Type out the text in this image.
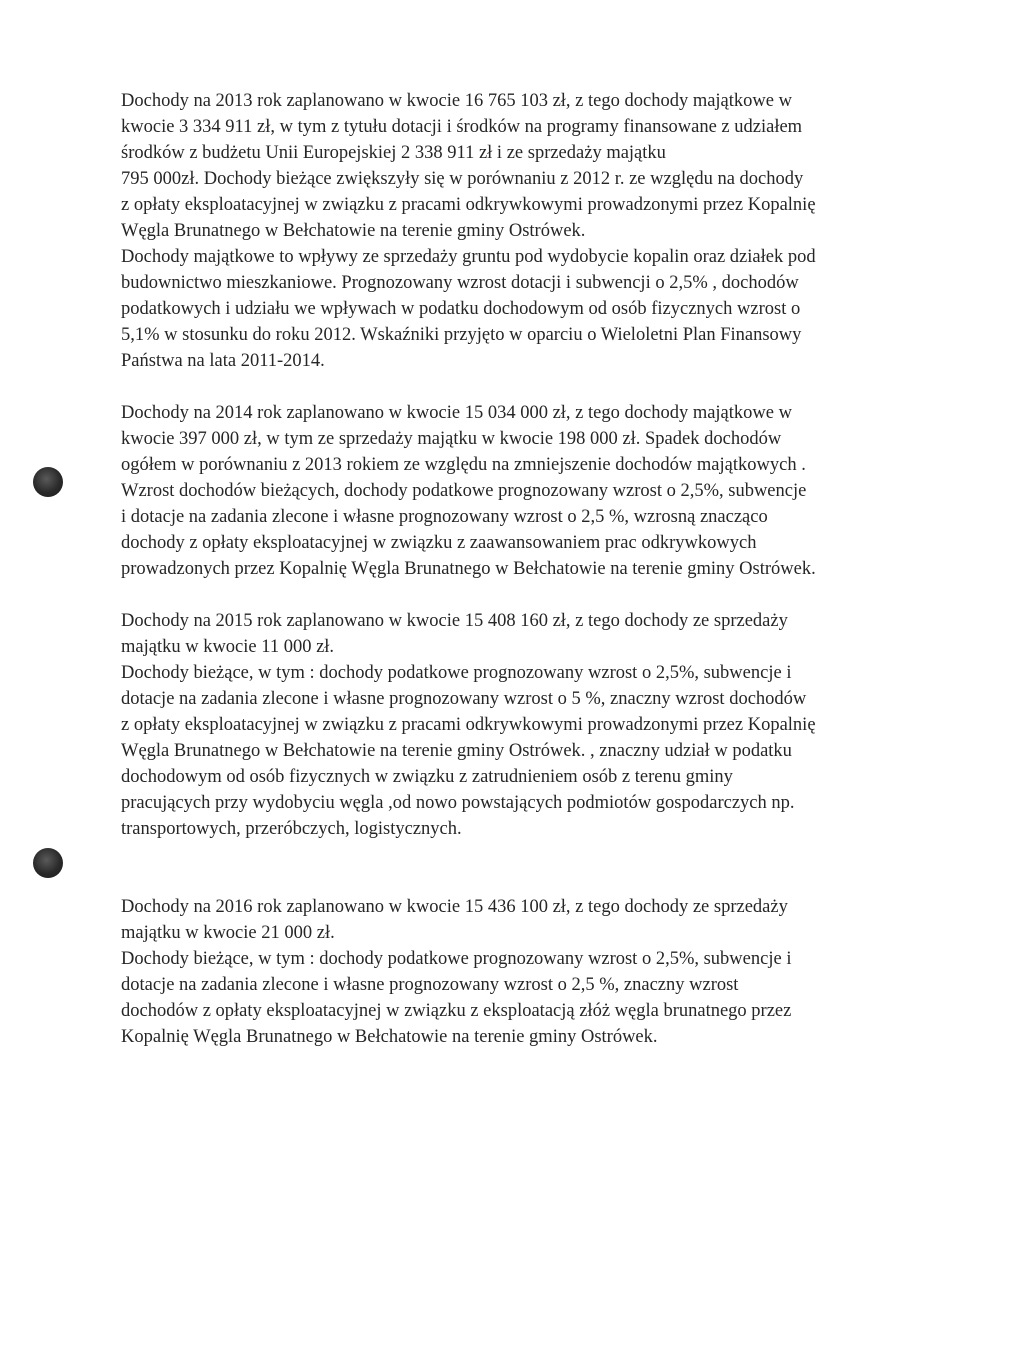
Dochody na 2013 rok zaplanowano w kwocie 16 765 103 zł, z tego dochody majątkowe w
kwocie 3 334 911 zł, w tym z tytułu dotacji i środków na programy finansowane z udziałem
środków z budżetu Unii Europejskiej 2 338 911 zł i ze sprzedaży majątku
795 000zł. Dochody bieżące zwiększyły się w porównaniu z 2012 r. ze względu na dochody
z opłaty eksploatacyjnej w związku z pracami odkrywkowymi prowadzonymi przez Kopalnię
Węgla Brunatnego w Bełchatowie na terenie gminy Ostrówek.
Dochody majątkowe to wpływy ze sprzedaży gruntu pod wydobycie kopalin oraz działek pod
budownictwo mieszkaniowe. Prognozowany wzrost dotacji i subwencji o 2,5% , dochodów
podatkowych i udziału we wpływach w podatku dochodowym od osób fizycznych wzrost o
5,1% w stosunku do roku 2012. Wskaźniki przyjęto w oparciu o Wieloletni Plan Finansowy
Państwa na lata 2011-2014.

Dochody na 2014 rok zaplanowano w kwocie 15 034 000 zł, z tego dochody majątkowe w
kwocie 397 000 zł, w tym ze sprzedaży majątku w kwocie 198 000 zł. Spadek dochodów
ogółem w porównaniu z 2013 rokiem ze względu na zmniejszenie dochodów majątkowych .
Wzrost dochodów bieżących, dochody podatkowe prognozowany wzrost o 2,5%, subwencje
i dotacje na zadania zlecone i własne prognozowany wzrost o 2,5 %, wzrosną znacząco
dochody z opłaty eksploatacyjnej w związku z zaawansowaniem prac odkrywkowych
prowadzonych przez Kopalnię Węgla Brunatnego w Bełchatowie na terenie gminy Ostrówek.

Dochody na 2015 rok zaplanowano w kwocie 15 408 160 zł, z tego dochody ze sprzedaży
majątku w kwocie 11 000 zł.
Dochody bieżące, w tym : dochody podatkowe prognozowany wzrost o 2,5%, subwencje i
dotacje na zadania zlecone i własne prognozowany wzrost o 5 %, znaczny wzrost dochodów
z opłaty eksploatacyjnej w związku z pracami odkrywkowymi prowadzonymi przez Kopalnię
Węgla Brunatnego w Bełchatowie na terenie gminy Ostrówek. , znaczny udział w podatku
dochodowym od osób fizycznych w związku z zatrudnieniem osób z terenu gminy
pracujących przy wydobyciu węgla ,od nowo powstających podmiotów gospodarczych np.
transportowych, przeróbczych, logistycznych.

Dochody na 2016 rok zaplanowano w kwocie 15 436 100 zł, z tego dochody ze sprzedaży
majątku w kwocie 21 000 zł.
Dochody bieżące, w tym : dochody podatkowe prognozowany wzrost o 2,5%, subwencje i
dotacje na zadania zlecone i własne prognozowany wzrost o 2,5 %, znaczny wzrost
dochodów z opłaty eksploatacyjnej w związku z eksploatacją złóż węgla brunatnego przez
Kopalnię Węgla Brunatnego w Bełchatowie na terenie gminy Ostrówek.
